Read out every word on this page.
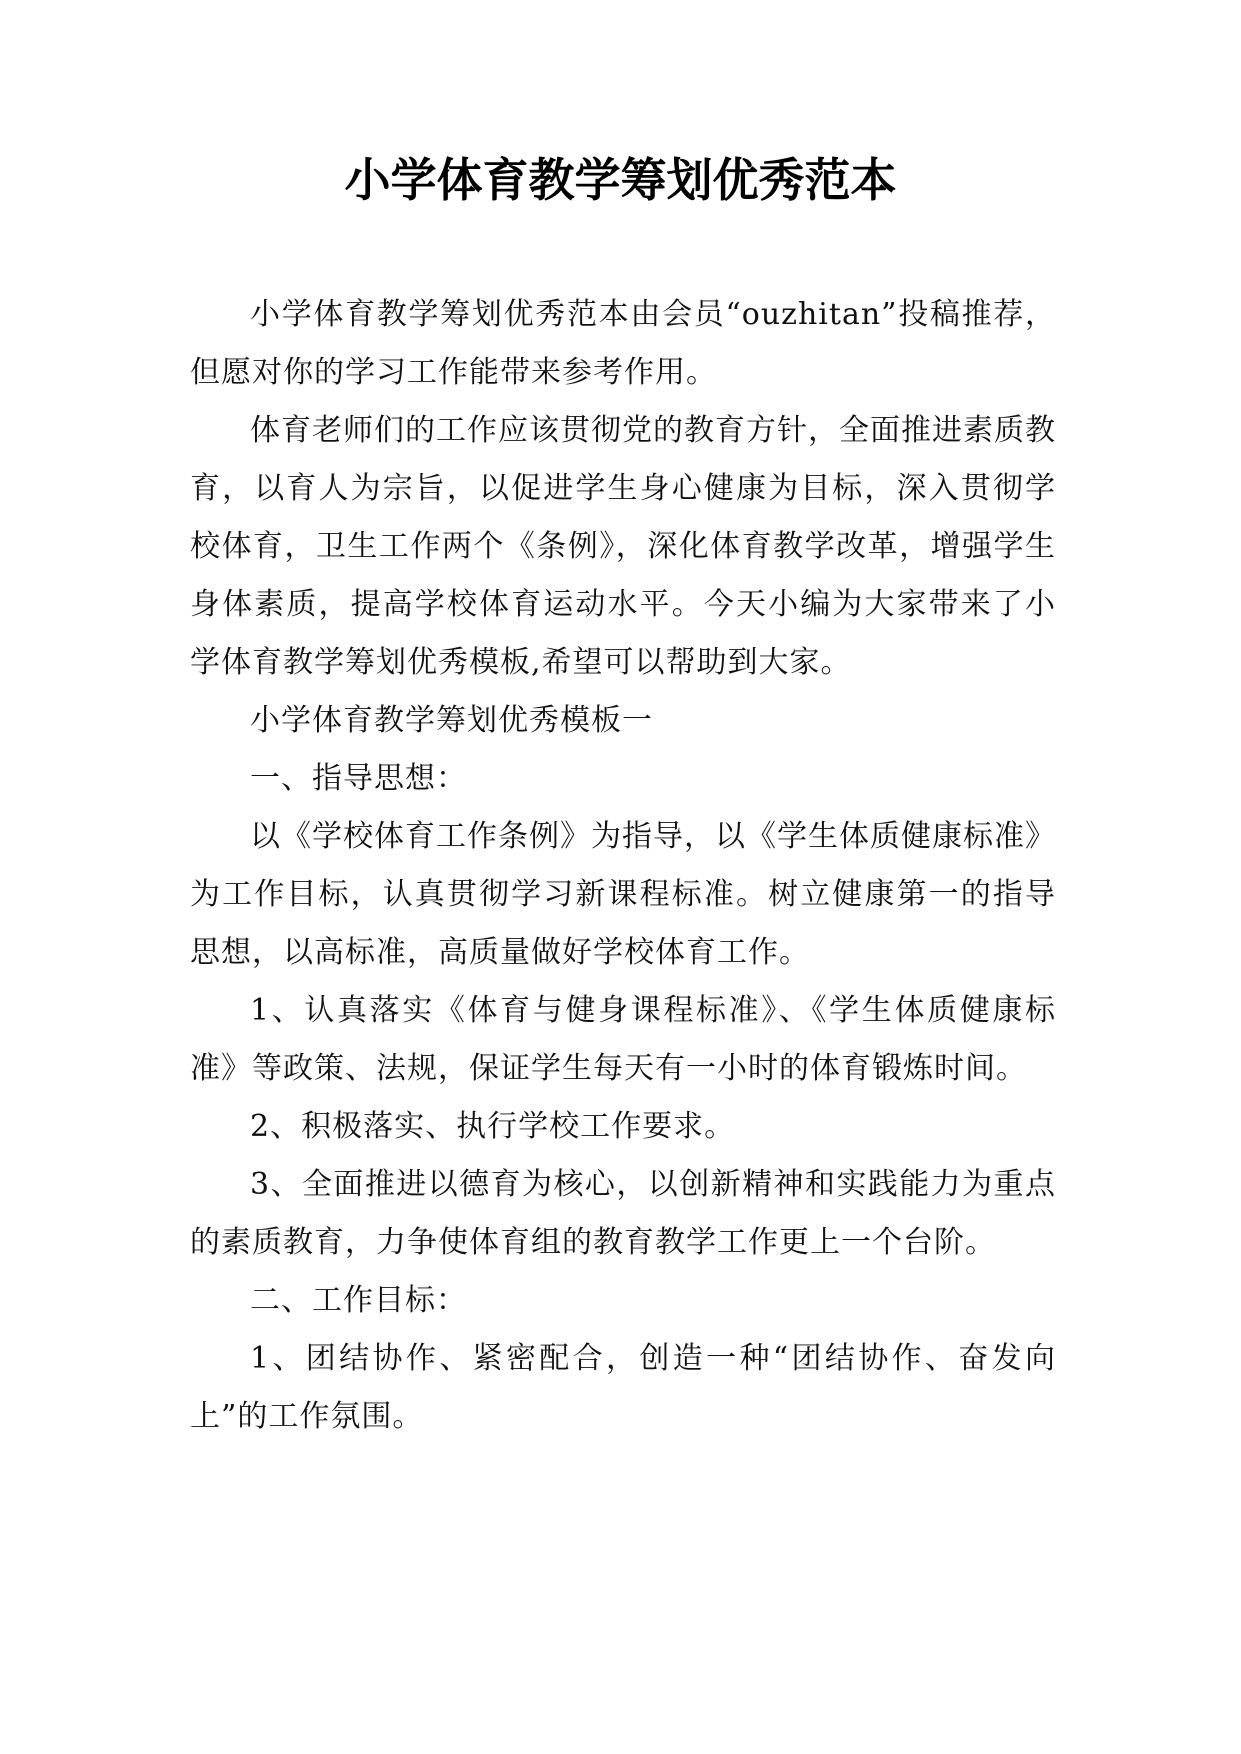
小学体育教学筹划优秀范本

小学体育教学筹划优秀范本由会员“ouzhitan”投稿推荐，但愿对你的学习工作能带来参考作用。

体育老师们的工作应该贯彻党的教育方针，全面推进素质教育，以育人为宗旨，以促进学生身心健康为目标，深入贯彻学校体育，卫生工作两个《条例》，深化体育教学改革，增强学生身体素质，提高学校体育运动水平。今天小编为大家带来了小学体育教学筹划优秀模板,希望可以帮助到大家。

小学体育教学筹划优秀模板一

一、指导思想：

以《学校体育工作条例》为指导，以《学生体质健康标准》为工作目标，认真贯彻学习新课程标准。树立健康第一的指导思想，以高标准，高质量做好学校体育工作。

1、认真落实《体育与健身课程标准》、《学生体质健康标准》等政策、法规，保证学生每天有一小时的体育锻炼时间。

2、积极落实、执行学校工作要求。

3、全面推进以德育为核心，以创新精神和实践能力为重点的素质教育，力争使体育组的教育教学工作更上一个台阶。

二、工作目标：

1、团结协作、紧密配合，创造一种“团结协作、奋发向上”的工作氛围。
